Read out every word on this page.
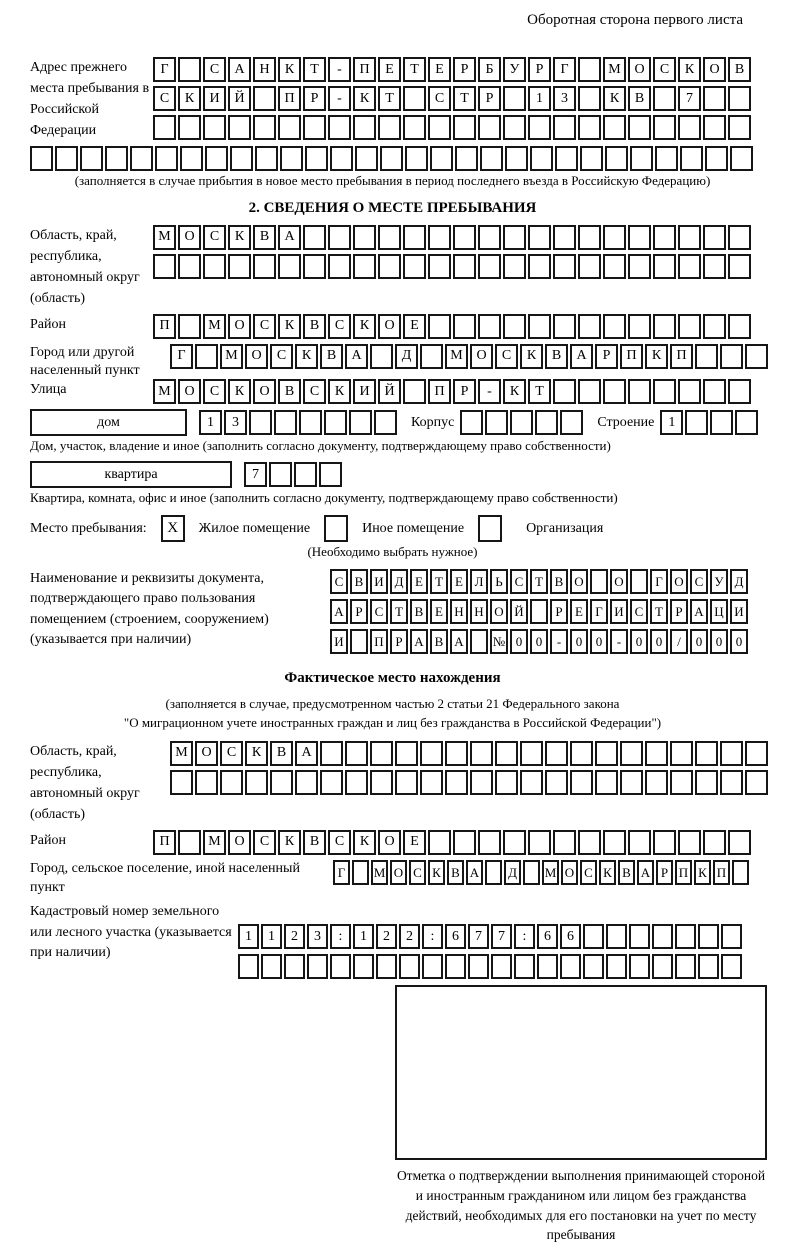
Оборотная сторона первого листа
Адрес прежнего места пребывания в Российской Федерации
Г	С	А	Н	К	Т	-	П	Е	Т	Е	Р	Б	У	Р	Г	М О	С	К	О	В
С	К	И	Й	П	Р	-	К	Т	С	Т	Р	1	3	К	В	7
(заполняется в случае прибытия в новое место пребывания в период последнего въезда в Российскую Федерацию)
2. СВЕДЕНИЯ О МЕСТЕ ПРЕБЫВАНИЯ
Область, край, республика, автономный округ (область)
М О	С	К	В	А
Район	П	М О	С	К	В	С	К	О	Е
Город или другой населенный пункт
Г	М О	С	К	В	А	Д	М О	С	К	В	А	Р	П	К	П
Улица	М О	С	К	О	В	С	К	И	Й	П	Р	-	К	Т
дом	1	3	Корпус	Строение	1
Дом, участок, владение и иное (заполнить согласно документу, подтверждающему право собственности)
квартира	7
Квартира, комната, офис и иное (заполнить согласно документу, подтверждающему право собственности)
Место пребывания:	X	Жилое помещение	Иное помещение	Организация
(Необходимо выбрать нужное)
Наименование и реквизиты документа, подтверждающего право пользования помещением (строением, сооружением) (указывается при наличии)
С В И Д Е Т Е Л Ь С Т В О	О	Г О С У Д
А Р С Т В Е Н Н О Й	Р Е Г И С Т Р А Ц И
И	П Р А В А	№ 0	0	-	0	0	-	0	0	/	0	0	0
Фактическое место нахождения
(заполняется в случае, предусмотренном частью 2 статьи 21 Федерального закона
"О миграционном учете иностранных граждан и лиц без гражданства в Российской Федерации")
Область, край, республика, автономный округ (область)
М О	С	К	В	А
Район	П	М О	С	К	В	С	К	О	Е
Город, сельское поселение, иной населенный пункт
Г	М О С К В А	Д	М О С К В А Р П К П
Кадастровый номер земельного или лесного участка (указывается при наличии)
1	1	2	3	:	1	2	2	:	6	7	7	:	6	6
Отметка о подтверждении выполнения принимающей стороной и иностранным гражданином или лицом без гражданства действий, необходимых для его постановки на учет по месту пребывания
